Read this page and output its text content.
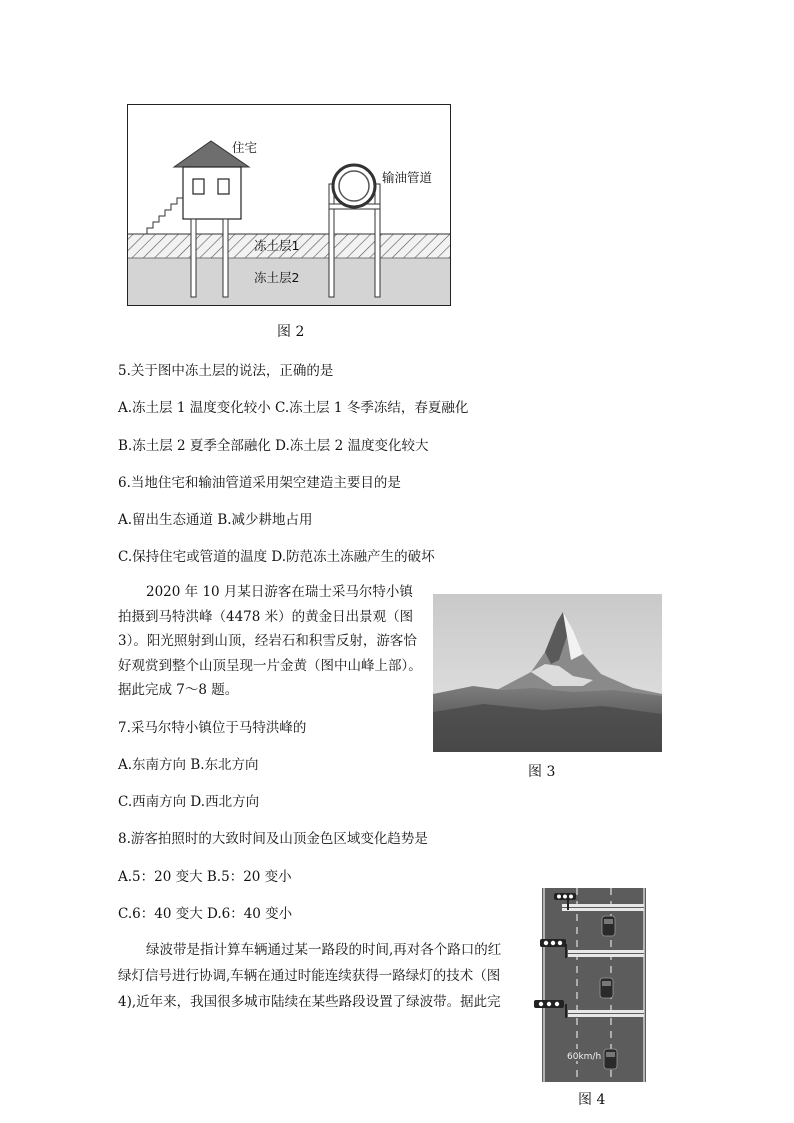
住宅
输油管道
冻土层1
冻土层2
图 2
5.关于图中冻土层的说法，正确的是
A.冻土层 1 温度变化较小 C.冻土层 1 冬季冻结，春夏融化
B.冻土层 2 夏季全部融化 D.冻土层 2 温度变化较大
6.当地住宅和输油管道采用架空建造主要目的是
A.留出生态通道 B.减少耕地占用
C.保持住宅或管道的温度 D.防范冻土冻融产生的破坏
2020 年 10 月某日游客在瑞士采马尔特小镇
拍摄到马特洪峰（4478 米）的黄金日出景观（图
3）。阳光照射到山顶，经岩石和积雪反射，游客恰
好观赏到整个山顶呈现一片金黄（图中山峰上部）。
据此完成 7～8 题。
图 3
7.采马尔特小镇位于马特洪峰的
A.东南方向 B.东北方向
C.西南方向 D.西北方向
8.游客拍照时的大致时间及山顶金色区域变化趋势是
A.5：20 变大 B.5：20 变小
C.6：40 变大 D.6：40 变小
绿波带是指计算车辆通过某一路段的时间,再对各个路口的红
绿灯信号进行协调,车辆在通过时能连续获得一路绿灯的技术（图
4),近年来，我国很多城市陆续在某些路段设置了绿波带。据此完
60km/h
图 4
